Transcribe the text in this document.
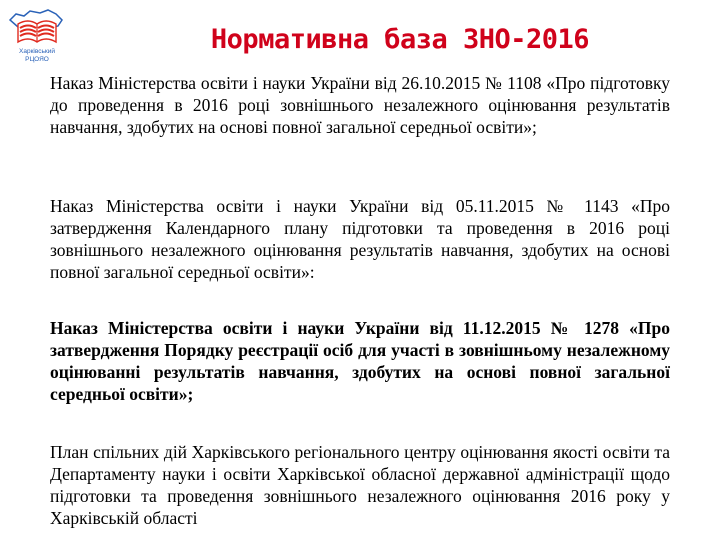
Харківський
РЦОЯО
Нормативна база ЗНО-2016

Наказ Міністерства освіти і науки України від 26.10.2015 № 1108 «Про підготовку до проведення в 2016 році зовнішнього незалежного оцінювання результатів навчання, здобутих на основі повної загальної середньої освіти»;

Наказ Міністерства освіти і науки України від 05.11.2015 № 1143 «Про затвердження Календарного плану підготовки та проведення в 2016 році зовнішнього незалежного оцінювання результатів навчання, здобутих на основі повної загальної середньої освіти»:

Наказ Міністерства освіти і науки України від 11.12.2015 № 1278 «Про затвердження Порядку реєстрації осіб для участі в зовнішньому незалежному оцінюванні результатів навчання, здобутих на основі повної загальної середньої освіти»;

План спільних дій Харківського регіонального центру оцінювання якості освіти та Департаменту науки і освіти Харківської обласної державної адміністрації щодо підготовки та проведення зовнішнього незалежного оцінювання 2016 року у Харківській області
